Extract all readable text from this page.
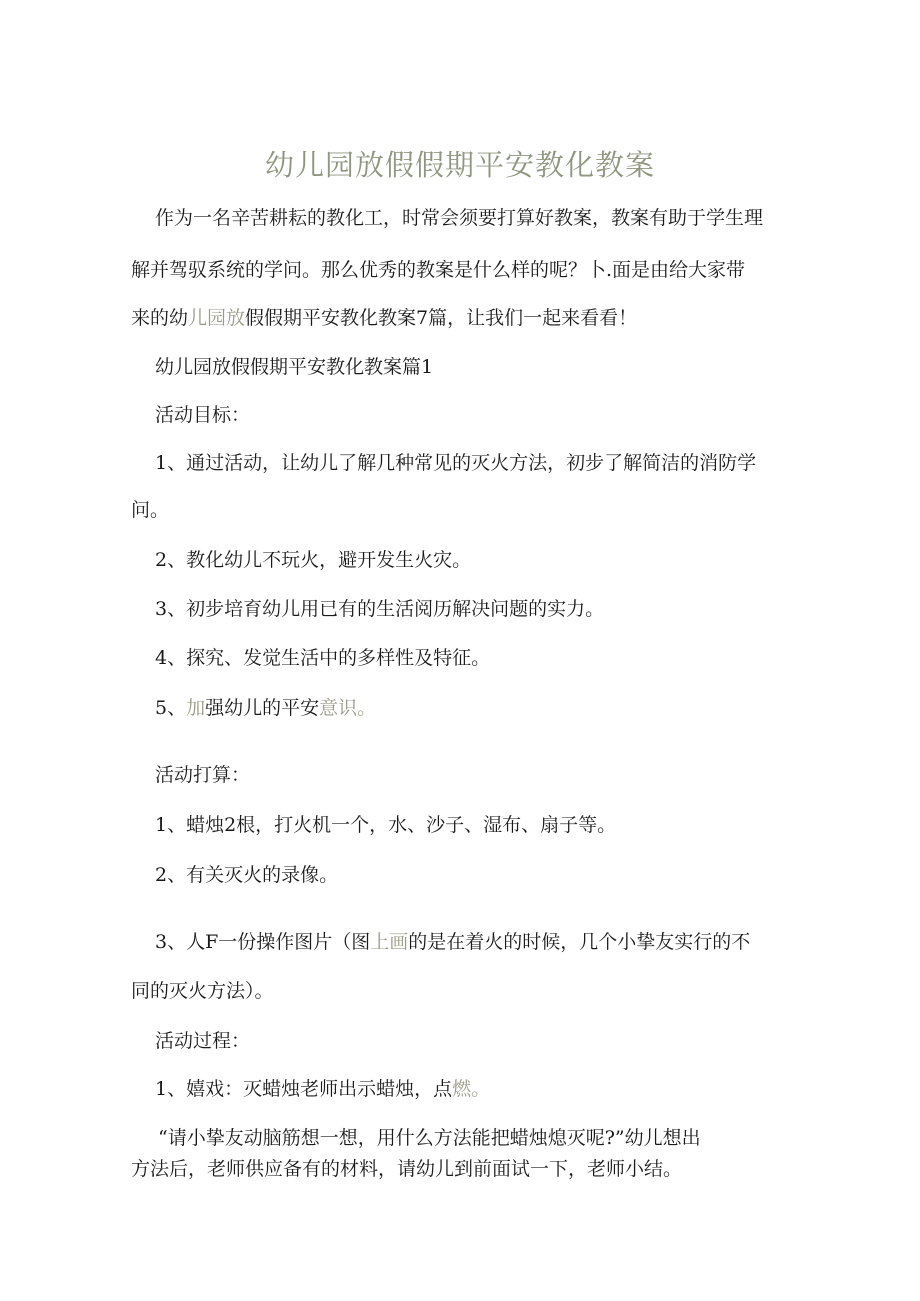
幼儿园放假假期平安教化教案

作为一名辛苦耕耘的教化工，时常会须要打算好教案，教案有助于学生理

解并驾驭系统的学问。那么优秀的教案是什么样的呢？卜.面是由给大家带

来的幼儿园放假假期平安教化教案7篇，让我们一起来看看！

幼儿园放假假期平安教化教案篇1

活动目标：

1、通过活动，让幼儿了解几种常见的灭火方法，初步了解简洁的消防学

问。

2、教化幼儿不玩火，避开发生火灾。

3、初步培育幼儿用已有的生活阅历解决问题的实力。

4、探究、发觉生活中的多样性及特征。

5、加强幼儿的平安意识。

活动打算：

1、蜡烛2根，打火机一个，水、沙子、湿布、扇子等。

2、有关灭火的录像。

3、人F一份操作图片（图上画的是在着火的时候，几个小挚友实行的不

同的灭火方法）。

活动过程：

1、嬉戏：灭蜡烛老师出示蜡烛，点燃。

“请小挚友动脑筋想一想，用什么方法能把蜡烛熄灭呢?”幼儿想出

方法后，老师供应备有的材料，请幼儿到前面试一下，老师小结。
